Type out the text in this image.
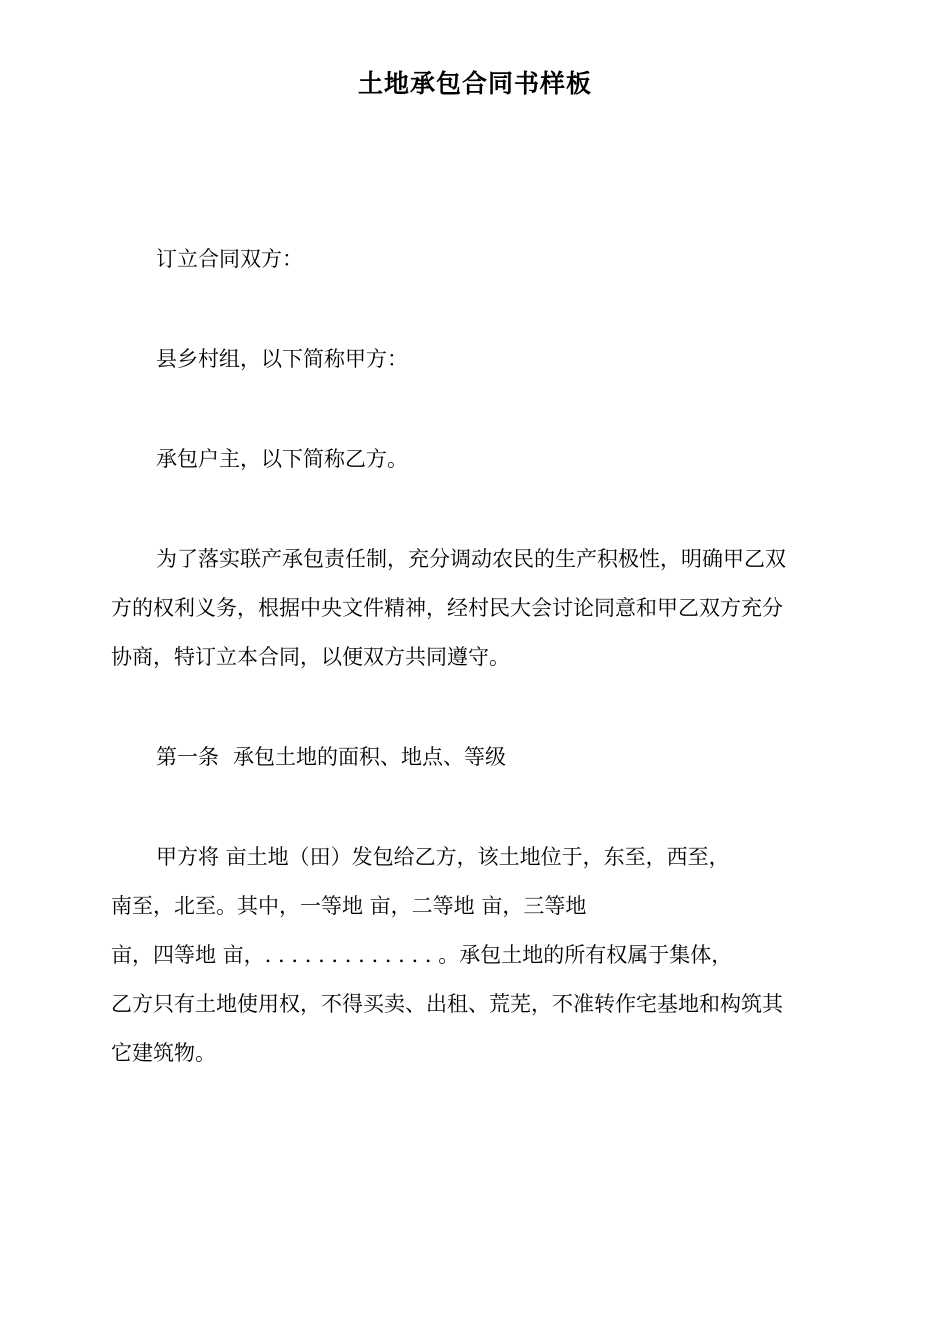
土地承包合同书样板
订立合同双方：
县乡村组，以下简称甲方：
承包户主，以下简称乙方。
为了落实联产承包责任制，充分调动农民的生产积极性，明确甲乙双
方的权利义务，根据中央文件精神，经村民大会讨论同意和甲乙双方充分
协商，特订立本合同，以便双方共同遵守。
第一条 承包土地的面积、地点、等级
甲方将 亩土地（田）发包给乙方，该土地位于，东至，西至，
南至，北至。其中，一等地 亩，二等地 亩，三等地
亩，四等地 亩，. . . . . . . . . . . . . 。承包土地的所有权属于集体，
乙方只有土地使用权，不得买卖、出租、荒芜，不准转作宅基地和构筑其
它建筑物。
